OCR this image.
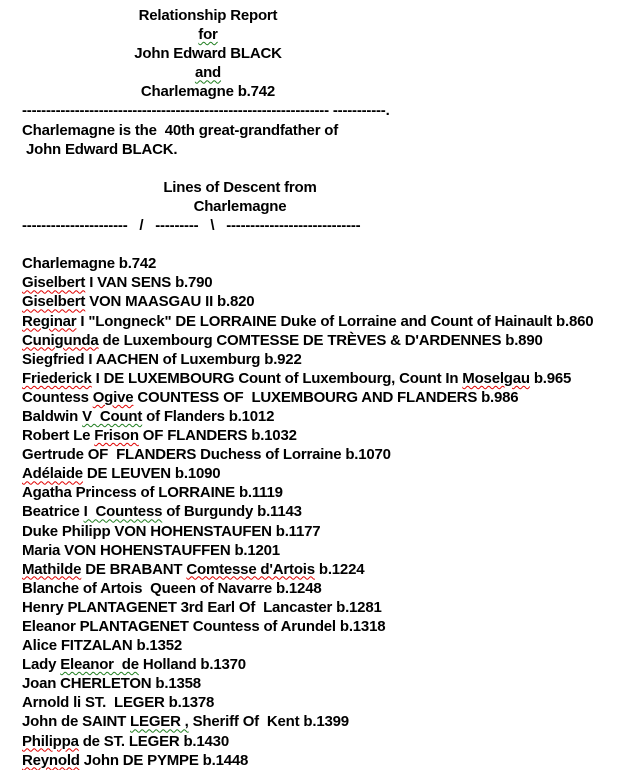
Relationship Report
for
John Edward BLACK
and
Charlemagne b.742
---------------------------------------------------------------- -----------.
Charlemagne is the  40th great-grandfather of
John Edward BLACK.
Lines of Descent from
Charlemagne
----------------------   /   ---------   \   ----------------------------
Charlemagne b.742
Giselbert I VAN SENS b.790
Giselbert VON MAASGAU II b.820
Reginar I "Longneck" DE LORRAINE Duke of Lorraine and Count of Hainault b.860
Cunigunda de Luxembourg COMTESSE DE TRÈVES & D'ARDENNES b.890
Siegfried I AACHEN of Luxemburg b.922
Friederick I DE LUXEMBOURG Count of Luxembourg, Count In Moselgau b.965
Countess Ogive COUNTESS OF  LUXEMBOURG AND FLANDERS b.986
Baldwin V  Count of Flanders b.1012
Robert Le Frison OF FLANDERS b.1032
Gertrude OF  FLANDERS Duchess of Lorraine b.1070
Adélaide DE LEUVEN b.1090
Agatha Princess of LORRAINE b.1119
Beatrice I  Countess of Burgundy b.1143
Duke Philipp VON HOHENSTAUFEN b.1177
Maria VON HOHENSTAUFFEN b.1201
Mathilde DE BRABANT Comtesse d'Artois b.1224
Blanche of Artois  Queen of Navarre b.1248
Henry PLANTAGENET 3rd Earl Of  Lancaster b.1281
Eleanor PLANTAGENET Countess of Arundel b.1318
Alice FITZALAN b.1352
Lady Eleanor  de Holland b.1370
Joan CHERLETON b.1358
Arnold li ST.  LEGER b.1378
John de SAINT LEGER , Sheriff Of  Kent b.1399
Philippa de ST. LEGER b.1430
Reynold John DE PYMPE b.1448
